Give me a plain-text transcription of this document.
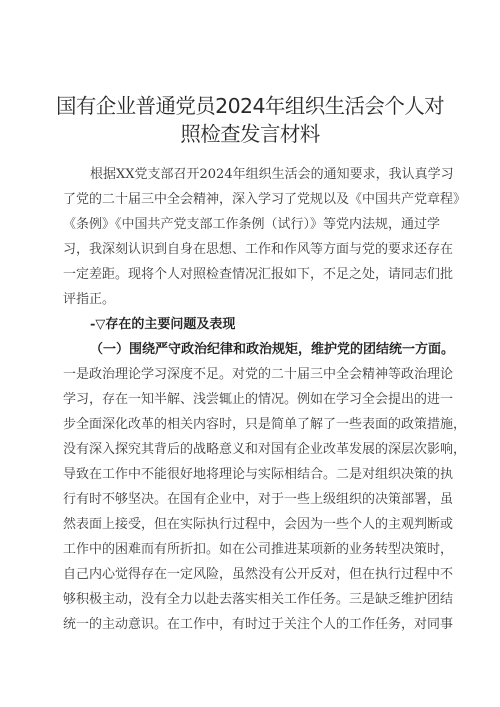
国有企业普通党员2024年组织生活会个人对
照检查发言材料
根据XX党支部召开2024年组织生活会的通知要求，我认真学习
了党的二十届三中全会精神，深入学习了党规以及《中国共产党章程》
《条例》《中国共产党支部工作条例（试行）》等党内法规，通过学
习，我深刻认识到自身在思想、工作和作风等方面与党的要求还存在
一定差距。现将个人对照检查情况汇报如下，不足之处，请同志们批
评指正。
-▽存在的主要问题及表现
（一）围绕严守政治纪律和政治规矩，维护党的团结统一方面。
一是政治理论学习深度不足。对党的二十届三中全会精神等政治理论
学习，存在一知半解、浅尝辄止的情况。例如在学习全会提出的进一
步全面深化改革的相关内容时，只是简单了解了一些表面的政策措施，
没有深入探究其背后的战略意义和对国有企业改革发展的深层次影响，
导致在工作中不能很好地将理论与实际相结合。二是对组织决策的执
行有时不够坚决。在国有企业中，对于一些上级组织的决策部署，虽
然表面上接受，但在实际执行过程中，会因为一些个人的主观判断或
工作中的困难而有所折扣。如在公司推进某项新的业务转型决策时，
自己内心觉得存在一定风险，虽然没有公开反对，但在执行过程中不
够积极主动，没有全力以赴去落实相关工作任务。三是缺乏维护团结
统一的主动意识。在工作中，有时过于关注个人的工作任务，对同事
